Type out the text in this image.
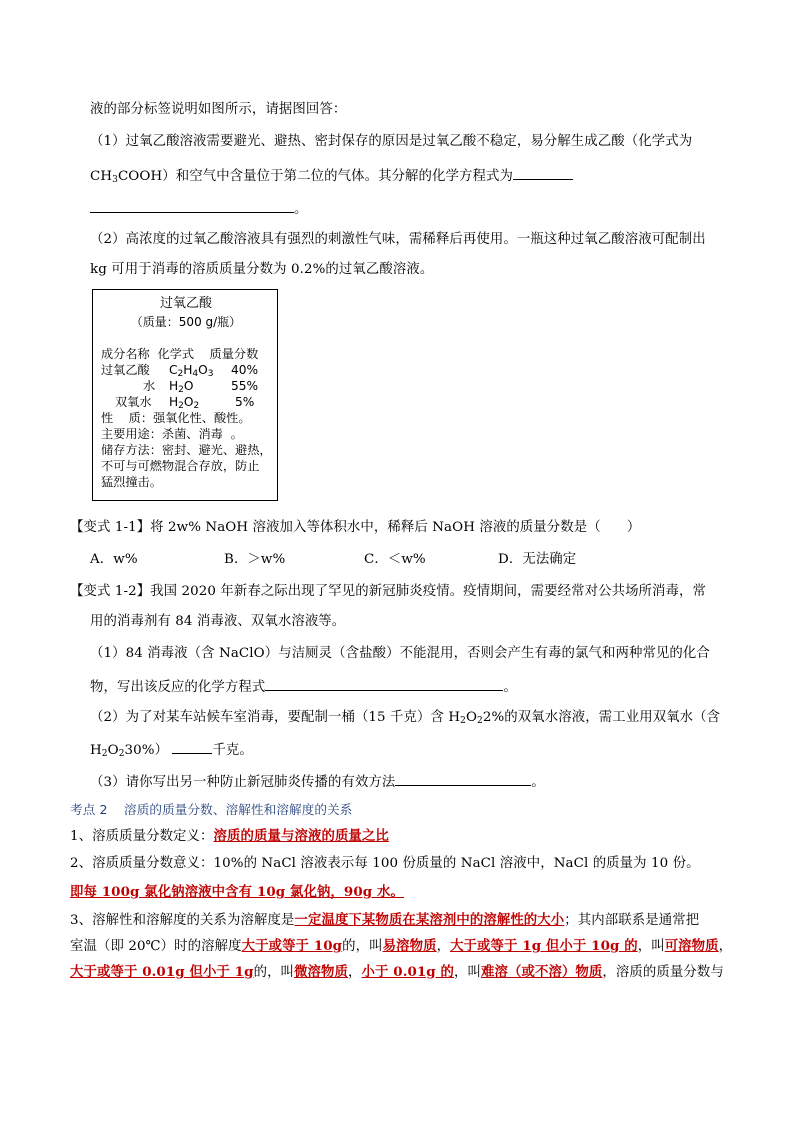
液的部分标签说明如图所示，请据图回答：
（1）过氧乙酸溶液需要避光、避热、密封保存的原因是过氧乙酸不稳定，易分解生成乙酸（化学式为
$CH_3COOH$）和空气中含量位于第二位的气体。其分解的化学方程式为
。
（2）高浓度的过氧乙酸溶液具有强烈的刺激性气味，需稀释后再使用。一瓶这种过氧乙酸溶液可配制出
kg 可用于消毒的溶质质量分数为 0.2%的过氧乙酸溶液。
过氧乙酸
（质量：500 g/瓶）
成分名称  化学式    质量分数
过氧乙酸 $C_2H_4O_3$ 40%
水 $H_2O$	55%
双氧水 $H_2O_2$	5%
性    质：强氧化性、酸性。
主要用途：杀菌、消毒  。
储存方法：密封、避光、避热，
不可与可燃物混合存放，防止
猛烈撞击。
【变式 1-1】将 2w% NaOH 溶液加入等体积水中，稀释后 NaOH 溶液的质量分数是（      ）
A．w%	B．＞w%	C．＜w%	D．无法确定
【变式 1-2】我国 2020 年新春之际出现了罕见的新冠肺炎疫情。疫情期间，需要经常对公共场所消毒，常
用的消毒剂有 84 消毒液、双氧水溶液等。
（1）84 消毒液（含 NaClO）与洁厕灵（含盐酸）不能混用，否则会产生有毒的氯气和两种常见的化合
物，写出该反应的化学方程式	。
（2）为了对某车站候车室消毒，要配制一桶（15 千克）含 $H_2O_22\%$的双氧水溶液，需工业用双氧水（含
$H_2O_230\%$）	千克。
（3）请你写出另一种防止新冠肺炎传播的有效方法	。
考点 2    溶质的质量分数、溶解性和溶解度的关系
1、溶质质量分数定义：溶质的质量与溶液的质量之比
2、溶质质量分数意义：10%的 NaCl 溶液表示每 100 份质量的 NaCl 溶液中，NaCl 的质量为 10 份。
即每 100g 氯化钠溶液中含有 10g 氯化钠，90g 水。
3、溶解性和溶解度的关系为溶解度是一定温度下某物质在某溶剂中的溶解性的大小；其内部联系是通常把
室温（即 20℃）时的溶解度大于或等于 10g的，叫易溶物质，大于或等于 1g 但小于 10g 的，叫可溶物质，
大于或等于 0.01g 但小于 1g的，叫微溶物质，小于 0.01g 的，叫难溶（或不溶）物质，溶质的质量分数与
